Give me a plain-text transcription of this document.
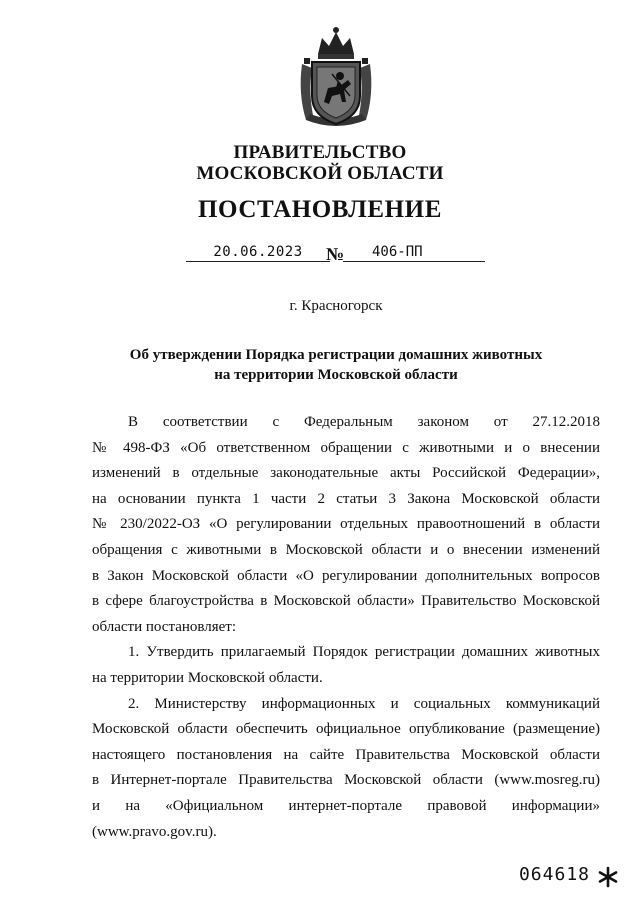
ПРАВИТЕЛЬСТВО
МОСКОВСКОЙ ОБЛАСТИ
ПОСТАНОВЛЕНИЕ
20.06.2023	№ 406-ПП
г. Красногорск
Об утверждении Порядка регистрации домашних животных
на территории Московской области

В соответствии с Федеральным законом от 27.12.2018
№ 498-ФЗ «Об ответственном обращении с животными и о внесении
изменений в отдельные законодательные акты Российской Федерации»,
на основании пункта 1 части 2 статьи 3 Закона Московской области
№ 230/2022-ОЗ «О регулировании отдельных правоотношений в области
обращения с животными в Московской области и о внесении изменений
в Закон Московской области «О регулировании дополнительных вопросов
в сфере благоустройства в Московской области» Правительство Московской
области постановляет:

1. Утвердить прилагаемый Порядок регистрации домашних животных
на территории Московской области.

2. Министерству информационных и социальных коммуникаций
Московской области обеспечить официальное опубликование (размещение)
настоящего постановления на сайте Правительства Московской области
в Интернет-портале Правительства Московской области (www.mosreg.ru)
и на «Официальном интернет-портале правовой информации»
(www.pravo.gov.ru).

064618
